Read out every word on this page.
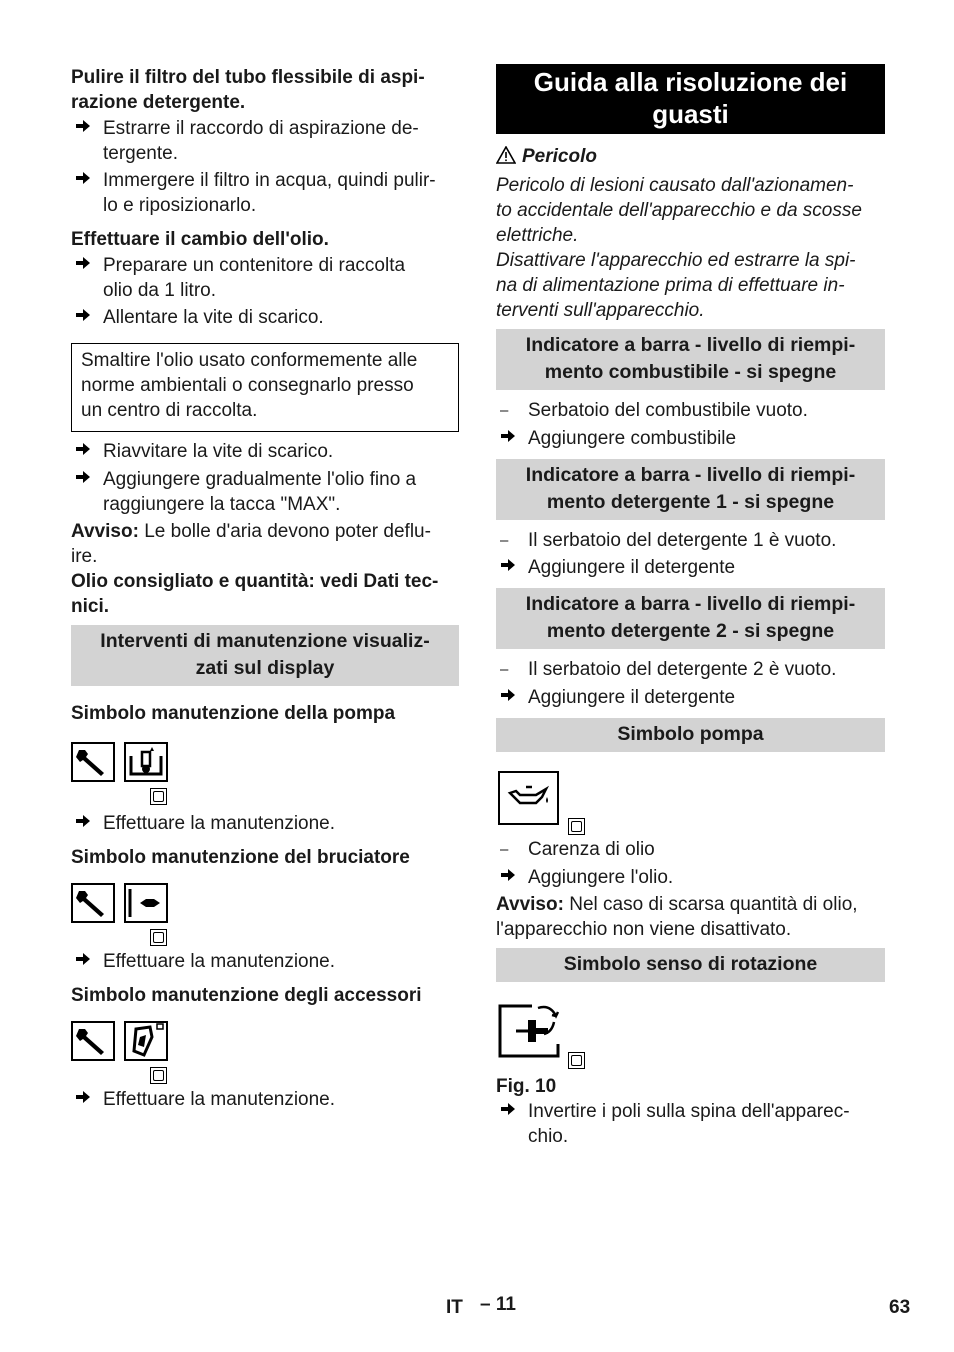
Pulire il filtro del tubo flessibile di aspi-
razione detergente.
Estrarre il raccordo di aspirazione de-
tergente.
Immergere il filtro in acqua, quindi pulir-
lo e riposizionarlo.
Effettuare il cambio dell'olio.
Preparare un contenitore di raccolta
olio da 1 litro.
Allentare la vite di scarico.
Smaltire l'olio usato conformemente alle
norme ambientali o consegnarlo presso
un centro di raccolta.
Riavvitare la vite di scarico.
Aggiungere gradualmente l'olio fino a
raggiungere la tacca "MAX".
Avviso: Le bolle d'aria devono poter deflu-
ire.
Olio consigliato e quantità: vedi Dati tec-
nici.
Interventi di manutenzione visualiz-
zati sul display
Simbolo manutenzione della pompa
Effettuare la manutenzione.
Simbolo manutenzione del bruciatore
Effettuare la manutenzione.
Simbolo manutenzione degli accessori
Effettuare la manutenzione.
Guida alla risoluzione dei
guasti
Pericolo
Pericolo di lesioni causato dall'azionamen-
to accidentale dell'apparecchio e da scosse
elettriche.
Disattivare l'apparecchio ed estrarre la spi-
na di alimentazione prima di effettuare in-
terventi sull'apparecchio.
Indicatore a barra - livello di riempi-
mento combustibile - si spegne
–	Serbatoio del combustibile vuoto.
Aggiungere combustibile
Indicatore a barra - livello di riempi-
mento detergente 1 - si spegne
–	Il serbatoio del detergente 1 è vuoto.
Aggiungere il detergente
Indicatore a barra - livello di riempi-
mento detergente 2 - si spegne
–	Il serbatoio del detergente 2 è vuoto.
Aggiungere il detergente
Simbolo pompa
–	Carenza di olio
Aggiungere l'olio.
Avviso: Nel caso di scarsa quantità di olio,
l'apparecchio non viene disattivato.
Simbolo senso di rotazione
Fig. 10
Invertire i poli sulla spina dell'apparec-
chio.
IT – 11	63
